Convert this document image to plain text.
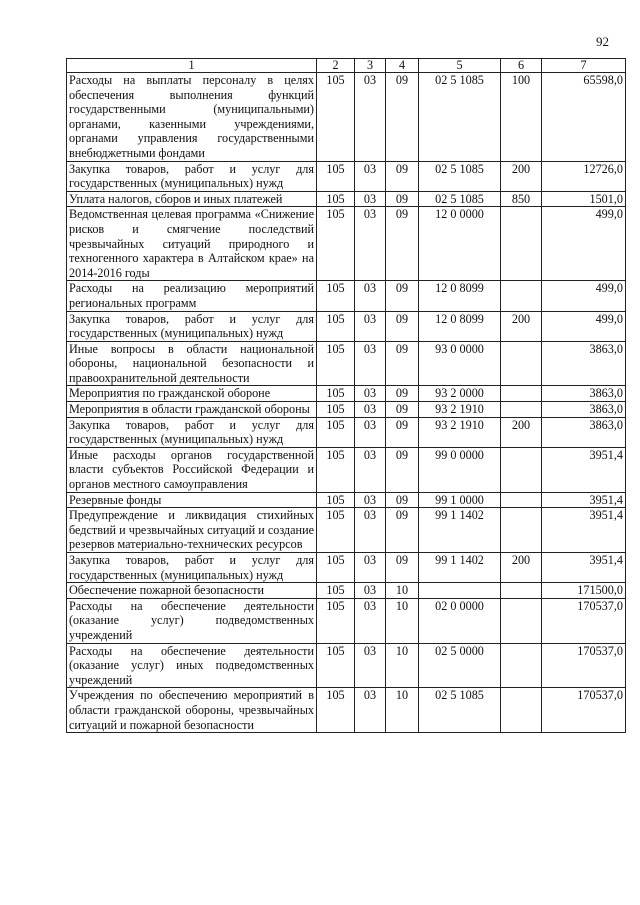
92
1	2	3	4	5	6	7
Расходы на выплаты персоналу в целях обеспечения выполнения функций государственными (муниципальными) органами, казенными учреждениями, органами управления государственными внебюджетными фондами	105	03	09	02 5 1085	100	65598,0
Закупка товаров, работ и услуг для государственных (муниципальных) нужд	105	03	09	02 5 1085	200	12726,0
Уплата налогов, сборов и иных платежей	105	03	09	02 5 1085	850	1501,0
Ведомственная целевая программа «Снижение рисков и смягчение последствий чрезвычайных ситуаций природного и техногенного характера в Алтайском крае» на 2014-2016 годы	105	03	09	12 0 0000		499,0
Расходы на реализацию мероприятий региональных программ	105	03	09	12 0 8099		499,0
Закупка товаров, работ и услуг для государственных (муниципальных) нужд	105	03	09	12 0 8099	200	499,0
Иные вопросы в области национальной обороны, национальной безопасности и правоохранительной деятельности	105	03	09	93 0 0000		3863,0
Мероприятия по гражданской обороне	105	03	09	93 2 0000		3863,0
Мероприятия в области гражданской обороны	105	03	09	93 2 1910		3863,0
Закупка товаров, работ и услуг для государственных (муниципальных) нужд	105	03	09	93 2 1910	200	3863,0
Иные расходы органов государственной власти субъектов Российской Федерации и органов местного самоуправления	105	03	09	99 0 0000		3951,4
Резервные фонды	105	03	09	99 1 0000		3951,4
Предупреждение и ликвидация стихийных бедствий и чрезвычайных ситуаций и создание резервов материально-технических ресурсов	105	03	09	99 1 1402		3951,4
Закупка товаров, работ и услуг для государственных (муниципальных) нужд	105	03	09	99 1 1402	200	3951,4
Обеспечение пожарной безопасности	105	03	10			171500,0
Расходы на обеспечение деятельности (оказание услуг) подведомственных учреждений	105	03	10	02 0 0000		170537,0
Расходы на обеспечение деятельности (оказание услуг) иных подведомственных учреждений	105	03	10	02 5 0000		170537,0
Учреждения по обеспечению мероприятий в области гражданской обороны, чрезвычайных ситуаций и пожарной безопасности	105	03	10	02 5 1085		170537,0
